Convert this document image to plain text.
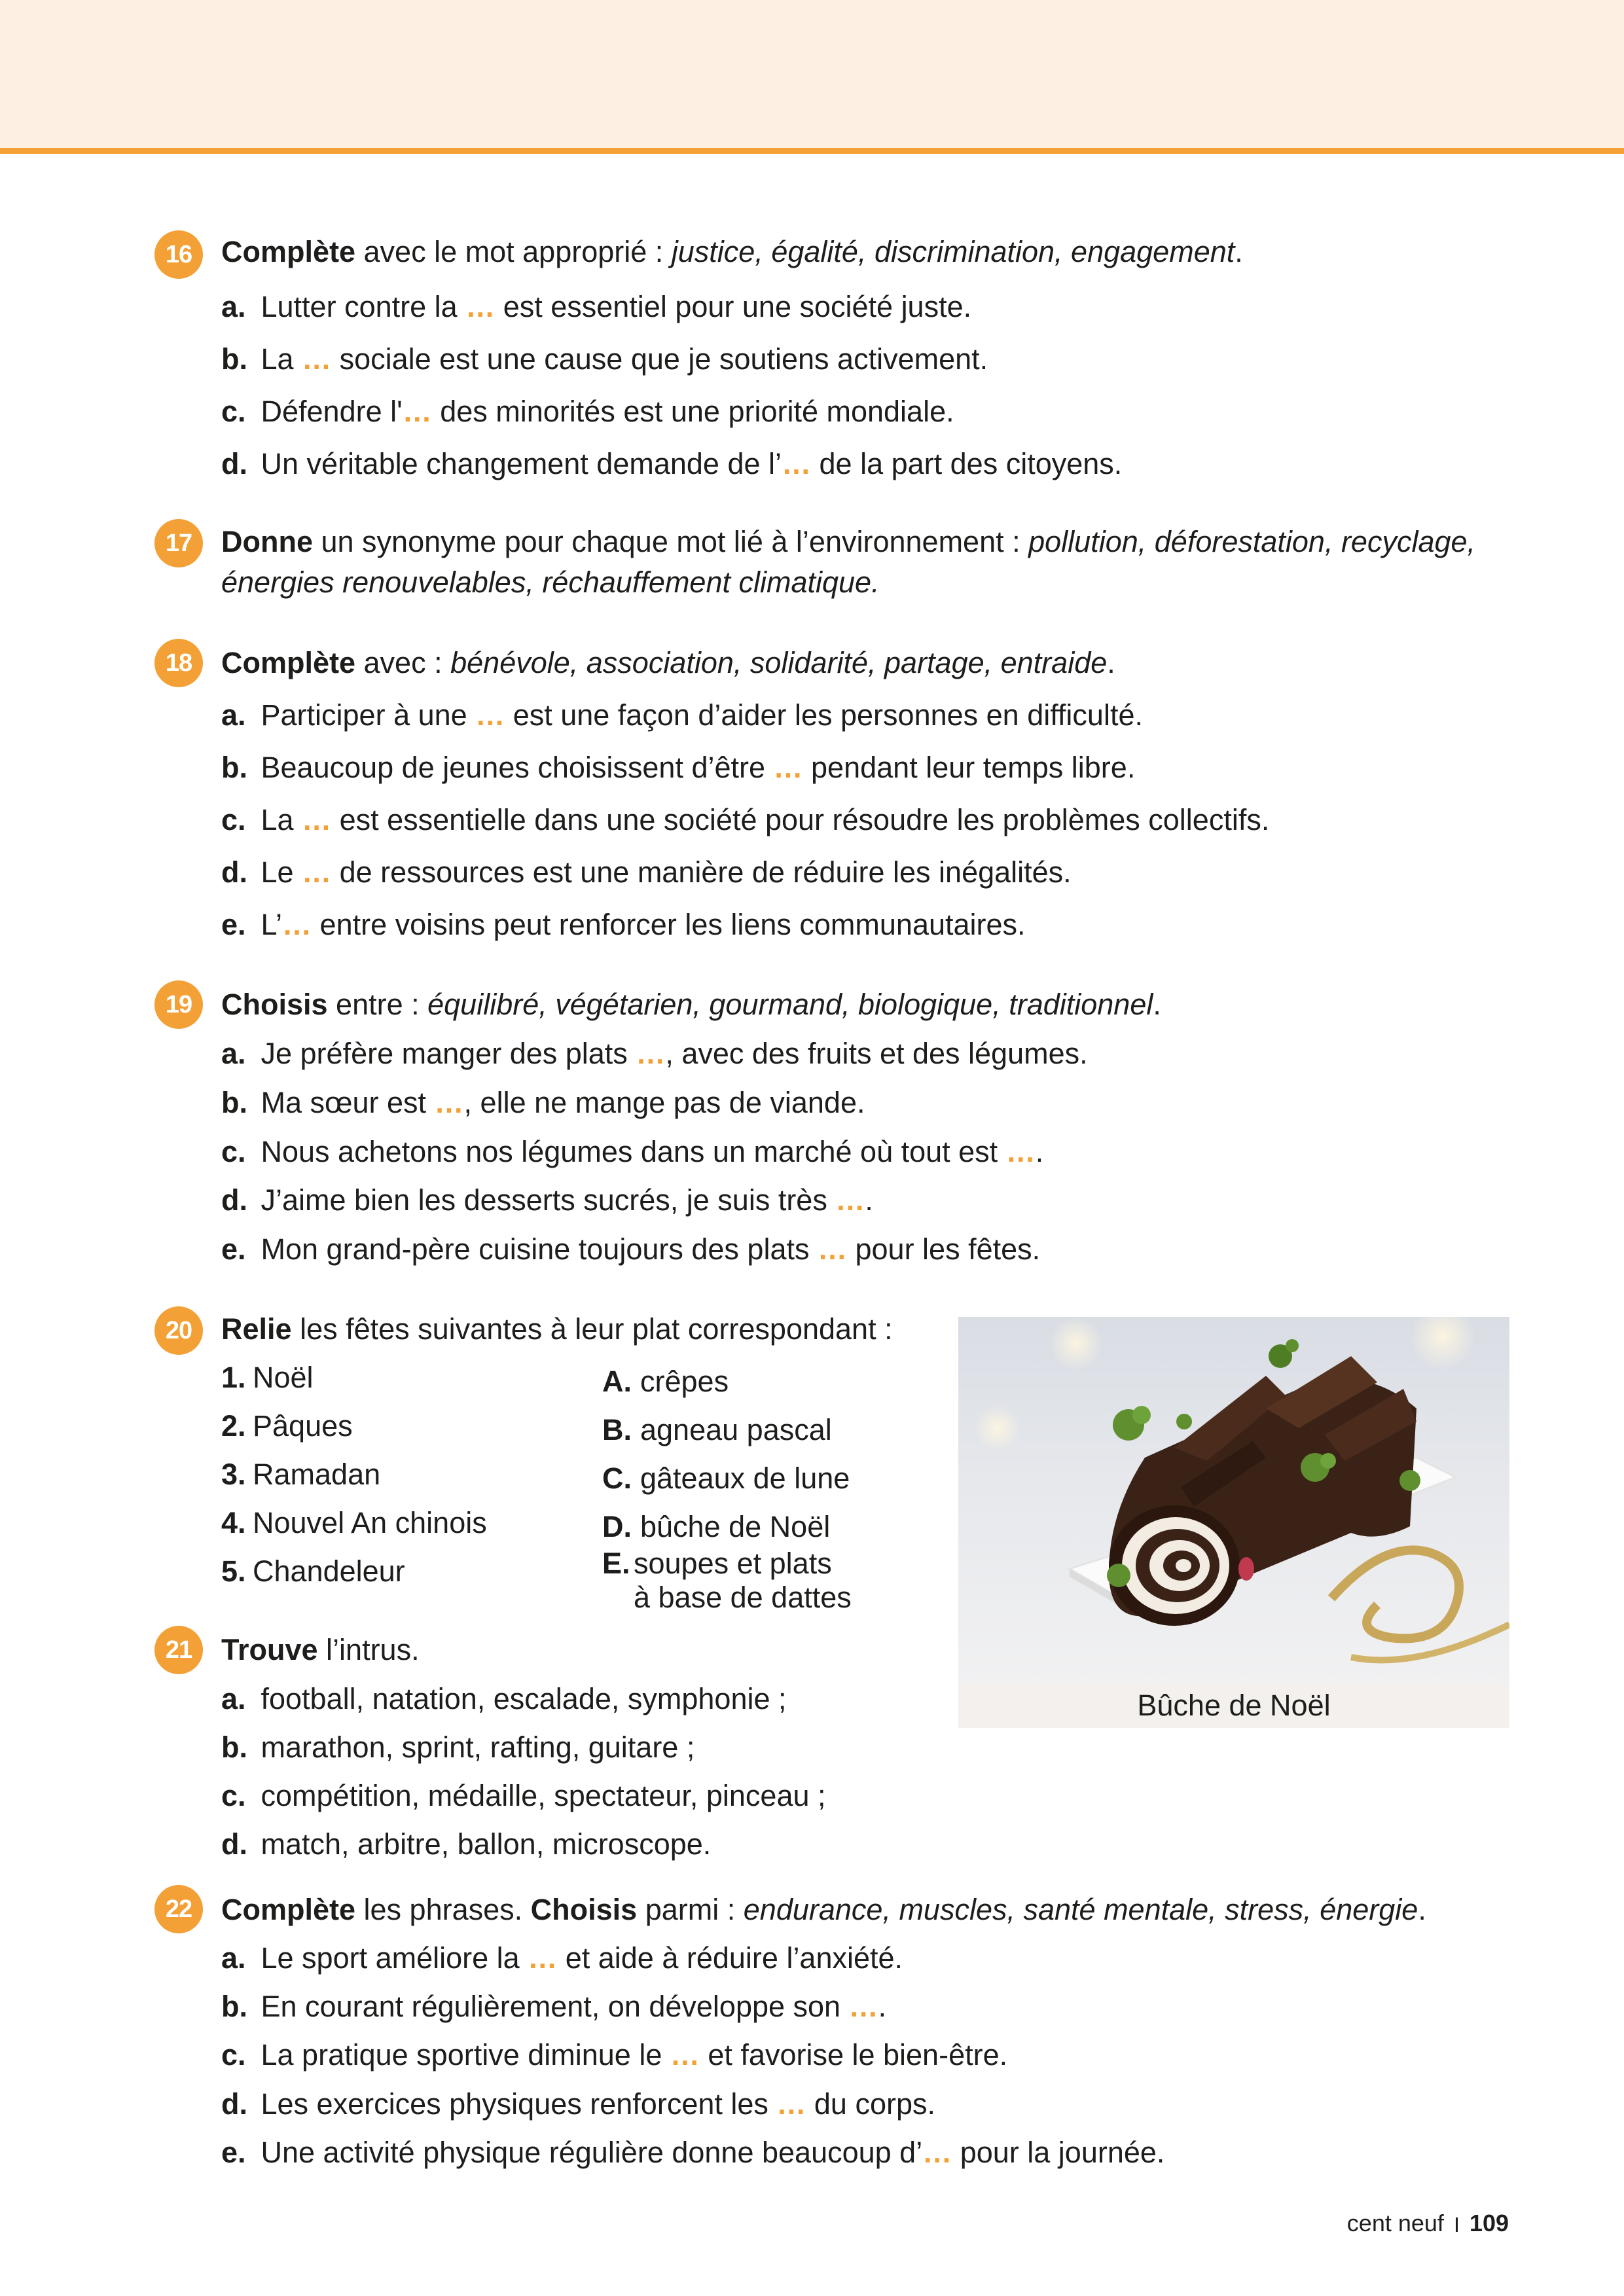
16 Complète avec le mot approprié : justice, égalité, discrimination, engagement.
a. Lutter contre la … est essentiel pour une société juste.
b. La … sociale est une cause que je soutiens activement.
c. Défendre l'… des minorités est une priorité mondiale.
d. Un véritable changement demande de l’… de la part des citoyens.
17 Donne un synonyme pour chaque mot lié à l’environnement : pollution, déforestation, recyclage, énergies renouvelables, réchauffement climatique.
18 Complète avec : bénévole, association, solidarité, partage, entraide.
a. Participer à une … est une façon d’aider les personnes en difficulté.
b. Beaucoup de jeunes choisissent d’être … pendant leur temps libre.
c. La … est essentielle dans une société pour résoudre les problèmes collectifs.
d. Le … de ressources est une manière de réduire les inégalités.
e. L’… entre voisins peut renforcer les liens communautaires.
19 Choisis entre : équilibré, végétarien, gourmand, biologique, traditionnel.
a. Je préfère manger des plats …, avec des fruits et des légumes.
b. Ma sœur est …, elle ne mange pas de viande.
c. Nous achetons nos légumes dans un marché où tout est ….
d. J’aime bien les desserts sucrés, je suis très ….
e. Mon grand-père cuisine toujours des plats … pour les fêtes.
20 Relie les fêtes suivantes à leur plat correspondant :
1. Noël
2. Pâques
3. Ramadan
4. Nouvel An chinois
5. Chandeleur
A. crêpes
B. agneau pascal
C. gâteaux de lune
D. bûche de Noël
E. soupes et plats
à base de dattes
Bûche de Noël
21 Trouve l’intrus.
a. football, natation, escalade, symphonie ;
b. marathon, sprint, rafting, guitare ;
c. compétition, médaille, spectateur, pinceau ;
d. match, arbitre, ballon, microscope.
22 Complète les phrases. Choisis parmi : endurance, muscles, santé mentale, stress, énergie.
a. Le sport améliore la … et aide à réduire l’anxiété.
b. En courant régulièrement, on développe son ….
c. La pratique sportive diminue le … et favorise le bien-être.
d. Les exercices physiques renforcent les … du corps.
e. Une activité physique régulière donne beaucoup d’… pour la journée.
cent neuf 109
